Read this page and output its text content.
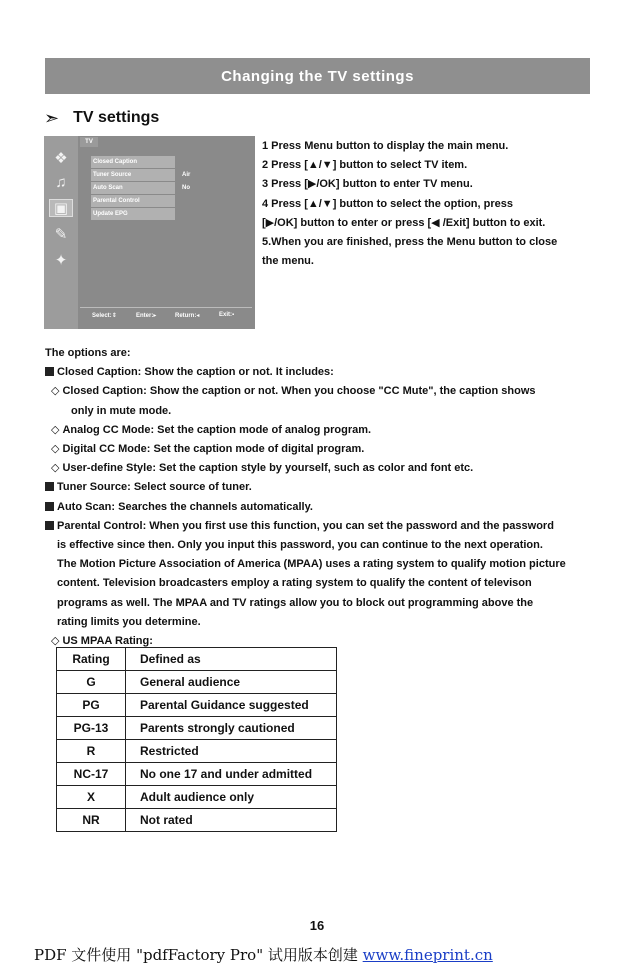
Changing the TV settings
➣ TV settings
TV
❖
♫
▣
✎
✦
Closed Caption
Tuner Source
Auto Scan
Parental Control
Update EPG
Air
No
Select:⇕	Enter:▸	Return:◂	Exit:▪
1 Press Menu button to display the main menu.
2 Press [▲/▼] button to select TV item.
3 Press [▶/OK] button to enter TV menu.
4 Press [▲/▼] button to select the option, press
[▶/OK] button to enter or press [◀ /Exit] button to exit.
5.When you are finished, press the Menu button to close
the menu.
The options are:
Closed Caption: Show the caption or not. It includes:
◇ Closed Caption: Show the caption or not. When you choose "CC Mute", the caption shows
only in mute mode.
◇ Analog CC Mode: Set the caption mode of analog program.
◇ Digital CC Mode: Set the caption mode of digital program.
◇ User-define Style: Set the caption style by yourself, such as color and font etc.
Tuner Source: Select source of tuner.
Auto Scan: Searches the channels automatically.
Parental Control: When you first use this function, you can set the password and the password
is effective since then. Only you input this password, you can continue to the next operation.
The Motion Picture Association of America (MPAA) uses a rating system to qualify motion picture
content. Television broadcasters employ a rating system to qualify the content of televison
programs as well. The MPAA and TV ratings allow you to block out programming above the
rating limits you determine.
◇ US MPAA Rating:
Rating	Defined as
G	General audience
PG	Parental Guidance suggested
PG-13	Parents strongly cautioned
R	Restricted
NC-17	No one 17 and under admitted
X	Adult audience only
NR	Not rated
16
PDF 文件使用 "pdfFactory Pro" 试用版本创建 www.fineprint.cn
